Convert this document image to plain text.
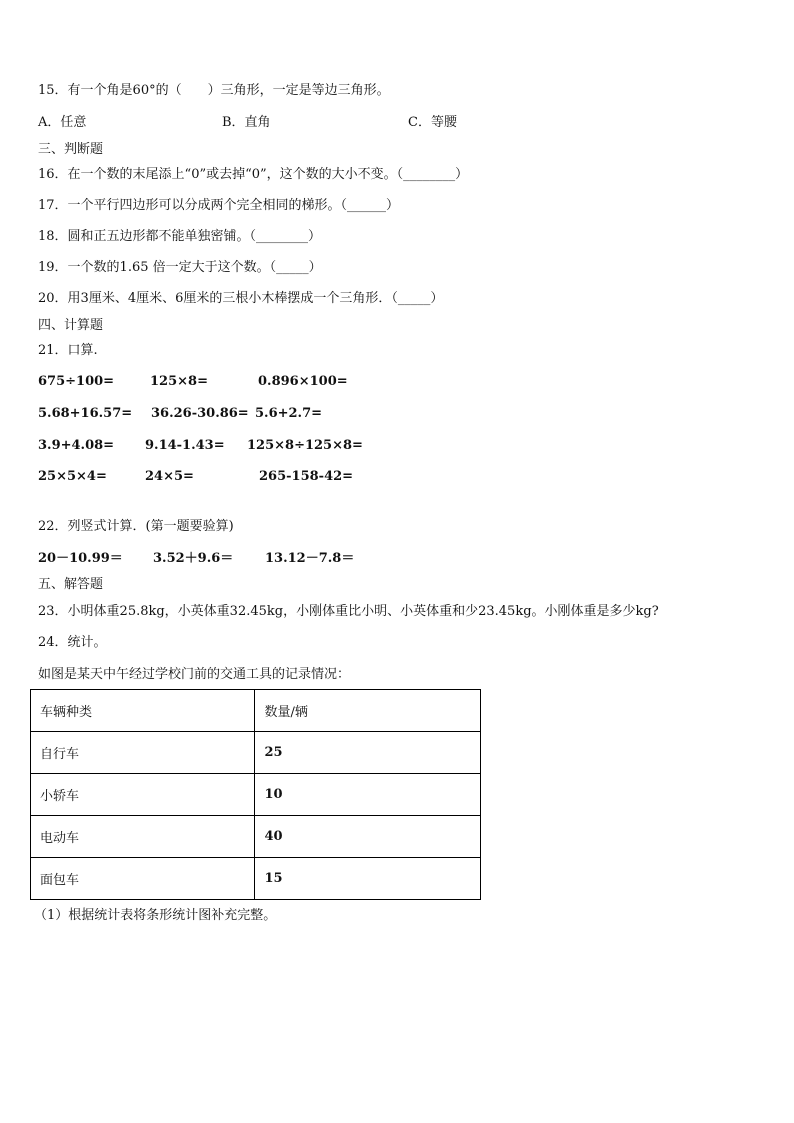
15．有一个角是60°的（　　）三角形，一定是等边三角形。
A．任意	B．直角	C．等腰
三、判断题
16．在一个数的末尾添上“0”或去掉“0”，这个数的大小不变。（________）
17．一个平行四边形可以分成两个完全相同的梯形。（______）
18．圆和正五边形都不能单独密铺。（________）
19．一个数的1.65 倍一定大于这个数。（_____）
20．用3厘米、4厘米、6厘米的三根小木棒摆成一个三角形．（_____）
四、计算题
21．口算.
675÷100=	125×8=	0.896×100=
5.68+16.57= 36.26-30.86= 5.6+2.7=
3.9+4.08= 9.14-1.43= 125×8÷125×8=
25×5×4=	24×5=	265-158-42=
22．列竖式计算．(第一题要验算)
20－10.99＝ 3.52＋9.6＝ 13.12－7.8＝
五、解答题
23．小明体重25.8kg，小英体重32.45kg，小刚体重比小明、小英体重和少23.45kg。小刚体重是多少kg?
24．统计。
如图是某天中午经过学校门前的交通工具的记录情况：
车辆种类	数量/辆
自行车	25
小轿车	10
电动车	40
面包车	15
（1）根据统计表将条形统计图补充完整。
